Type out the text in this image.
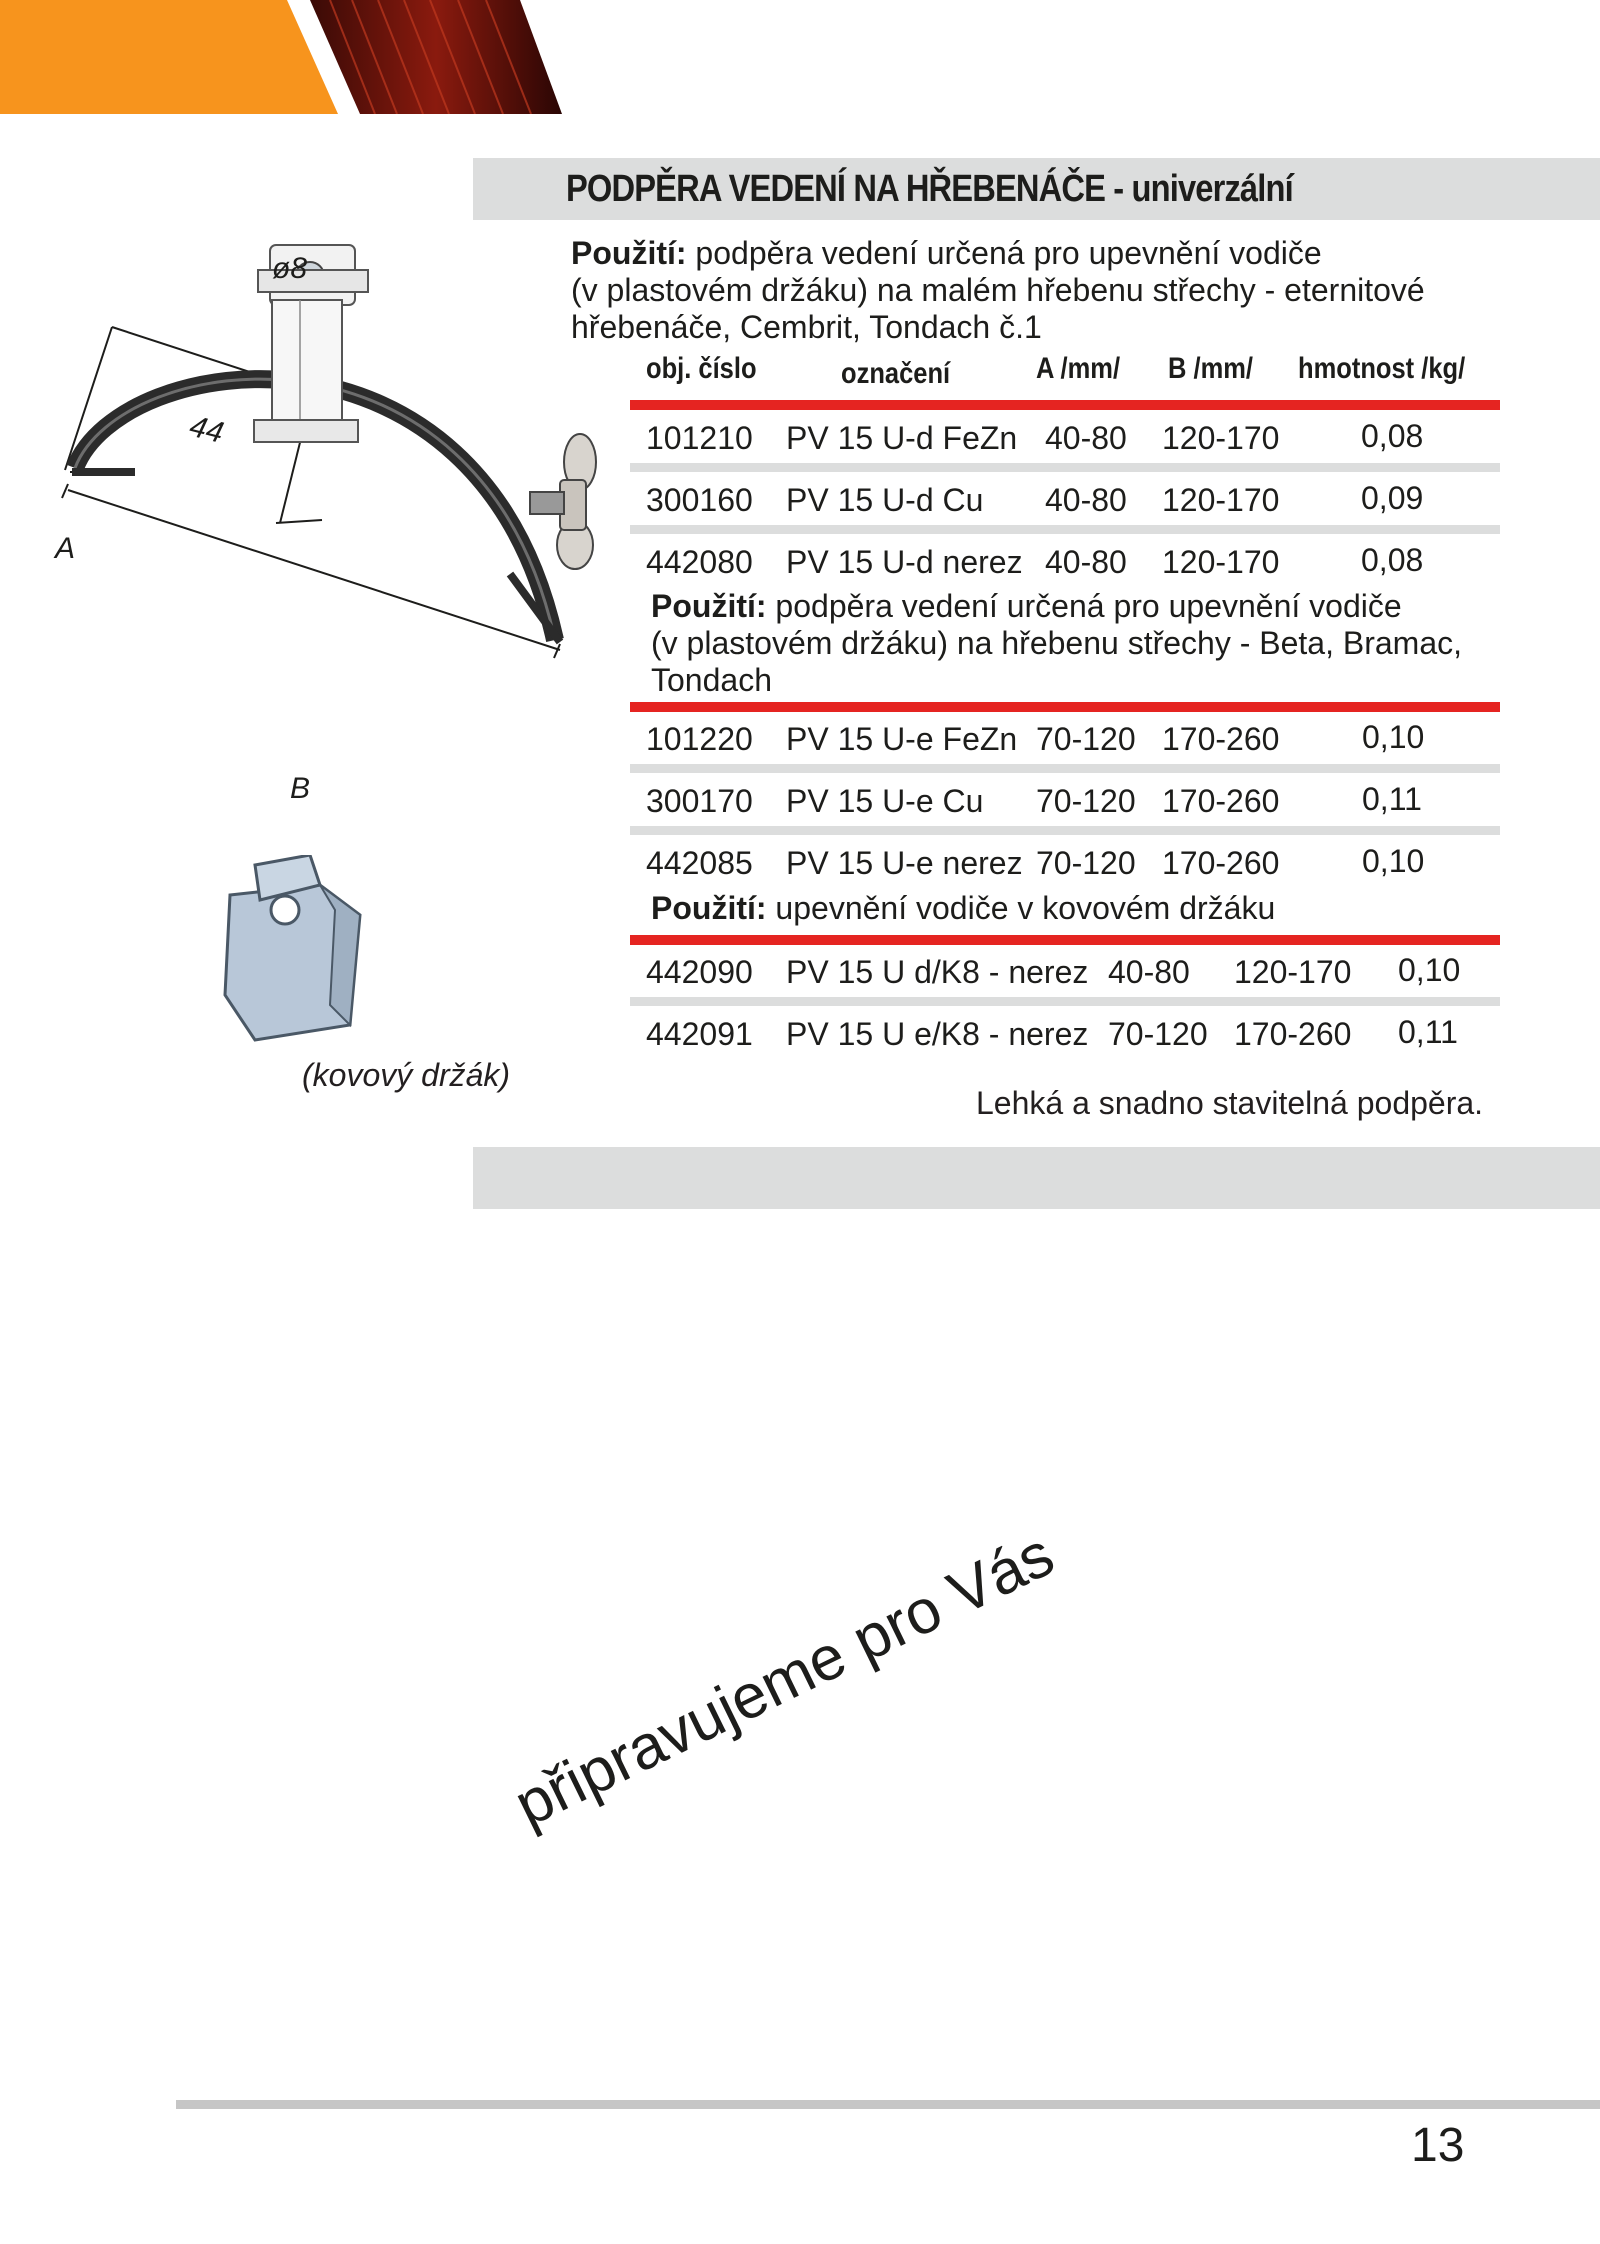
PODPĚRA VEDENÍ NA HŘEBENÁČE - univerzální
Použití: podpěra vedení určená pro upevnění vodiče
(v plastovém držáku) na malém hřebenu střechy - eternitové
hřebenáče, Cembrit, Tondach č.1
obj. číslo	označení	A /mm/ B /mm/ hmotnost /kg/
101210 PV 15 U-d FeZn 40-80 120-170	0,08
300160 PV 15 U-d Cu 40-80 120-170	0,09
442080 PV 15 U-d nerez 40-80 120-170	0,08
Použití: podpěra vedení určená pro upevnění vodiče
(v plastovém držáku) na hřebenu střechy - Beta, Bramac,
Tondach
101220 PV 15 U-e FeZn 70-120 170-260	0,10
300170 PV 15 U-e Cu 70-120 170-260	0,11
442085 PV 15 U-e nerez 70-120 170-260	0,10
Použití: upevnění vodiče v kovovém držáku
442090 PV 15 U d/K8 - nerez 40-80 120-170 0,10
442091 PV 15 U e/K8 - nerez 70-120 170-260 0,11
Lehká a snadno stavitelná podpěra.
ø8
44
A
B
(kovový držák)
připravujeme pro Vás
13
